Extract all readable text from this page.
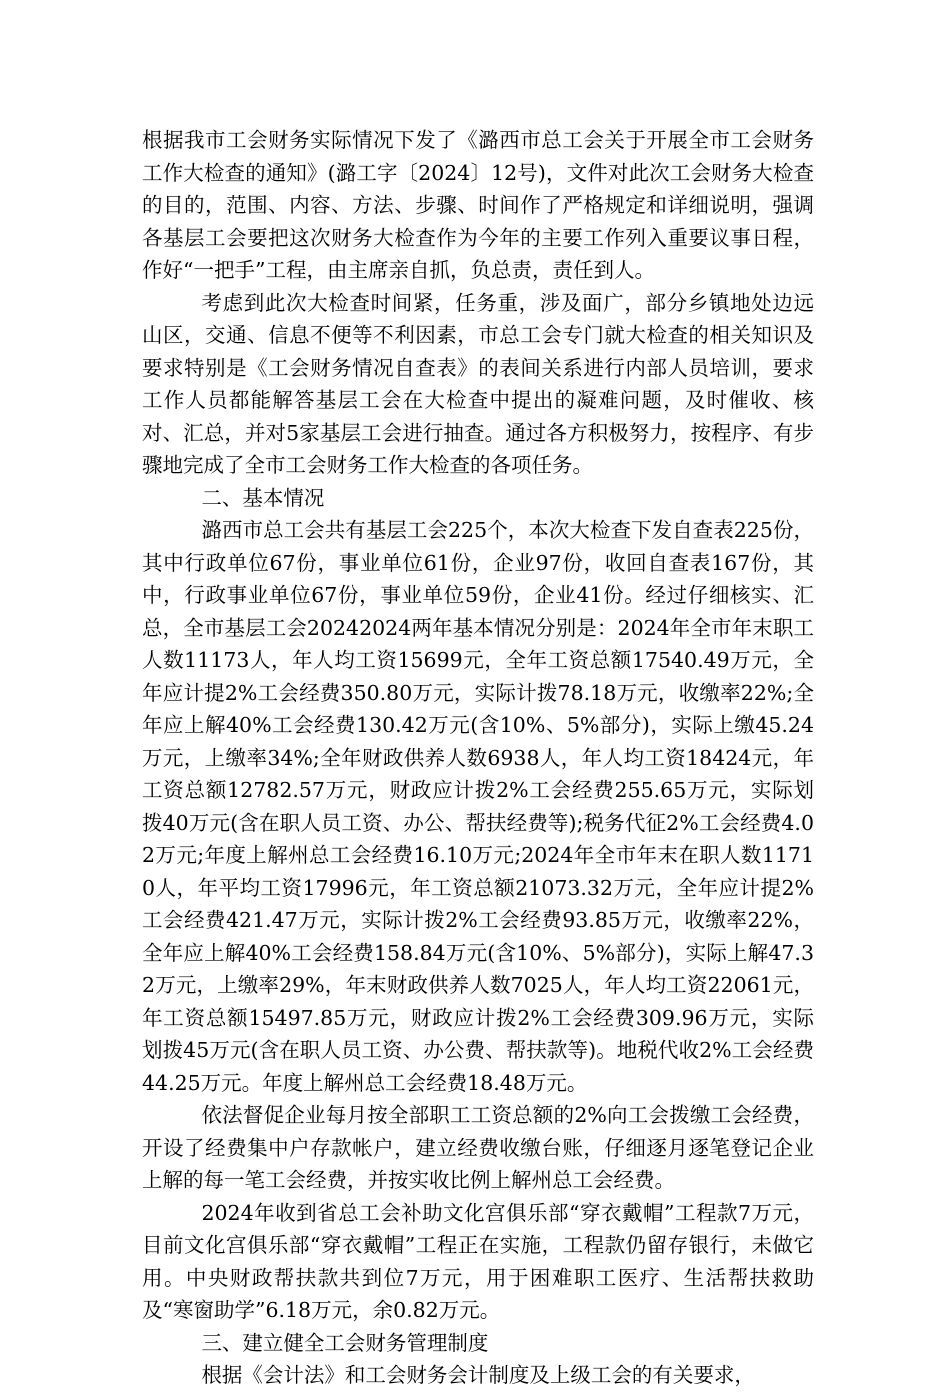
根据我市工会财务实际情况下发了《潞西市总工会关于开展全市工会财务工作大检查的通知》(潞工字〔2024〕12号)，文件对此次工会财务大检查的目的，范围、内容、方法、步骤、时间作了严格规定和详细说明，强调各基层工会要把这次财务大检查作为今年的主要工作列入重要议事日程，作好“一把手”工程，由主席亲自抓，负总责，责任到人。

考虑到此次大检查时间紧，任务重，涉及面广，部分乡镇地处边远山区，交通、信息不便等不利因素，市总工会专门就大检查的相关知识及要求特别是《工会财务情况自查表》的表间关系进行内部人员培训，要求工作人员都能解答基层工会在大检查中提出的凝难问题，及时催收、核对、汇总，并对5家基层工会进行抽查。通过各方积极努力，按程序、有步骤地完成了全市工会财务工作大检查的各项任务。

二、基本情况

潞西市总工会共有基层工会225个，本次大检查下发自查表225份，其中行政单位67份，事业单位61份，企业97份，收回自查表167份，其中，行政事业单位67份，事业单位59份，企业41份。经过仔细核实、汇总，全市基层工会20242024两年基本情况分别是：2024年全市年末职工人数11173人，年人均工资15699元，全年工资总额17540.49万元，全年应计提2%工会经费350.80万元，实际计拨78.18万元，收缴率22%;全年应上解40%工会经费130.42万元(含10%、5%部分)，实际上缴45.24万元，上缴率34%;全年财政供养人数6938人，年人均工资18424元，年工资总额12782.57万元，财政应计拨2%工会经费255.65万元，实际划拨40万元(含在职人员工资、办公、帮扶经费等);税务代征2%工会经费4.02万元;年度上解州总工会经费16.10万元;2024年全市年末在职人数11710人，年平均工资17996元，年工资总额21073.32万元，全年应计提2%工会经费421.47万元，实际计拨2%工会经费93.85万元，收缴率22%，全年应上解40%工会经费158.84万元(含10%、5%部分)，实际上解47.32万元，上缴率29%，年末财政供养人数7025人，年人均工资22061元，年工资总额15497.85万元，财政应计拨2%工会经费309.96万元，实际划拨45万元(含在职人员工资、办公费、帮扶款等)。地税代收2%工会经费44.25万元。年度上解州总工会经费18.48万元。

依法督促企业每月按全部职工工资总额的2%向工会拨缴工会经费，开设了经费集中户存款帐户，建立经费收缴台账，仔细逐月逐笔登记企业上解的每一笔工会经费，并按实收比例上解州总工会经费。

2024年收到省总工会补助文化宫俱乐部“穿衣戴帽”工程款7万元，目前文化宫俱乐部“穿衣戴帽”工程正在实施，工程款仍留存银行，未做它用。中央财政帮扶款共到位7万元，用于困难职工医疗、生活帮扶救助及“寒窗助学”6.18万元，余0.82万元。

三、建立健全工会财务管理制度

根据《会计法》和工会财务会计制度及上级工会的有关要求，
